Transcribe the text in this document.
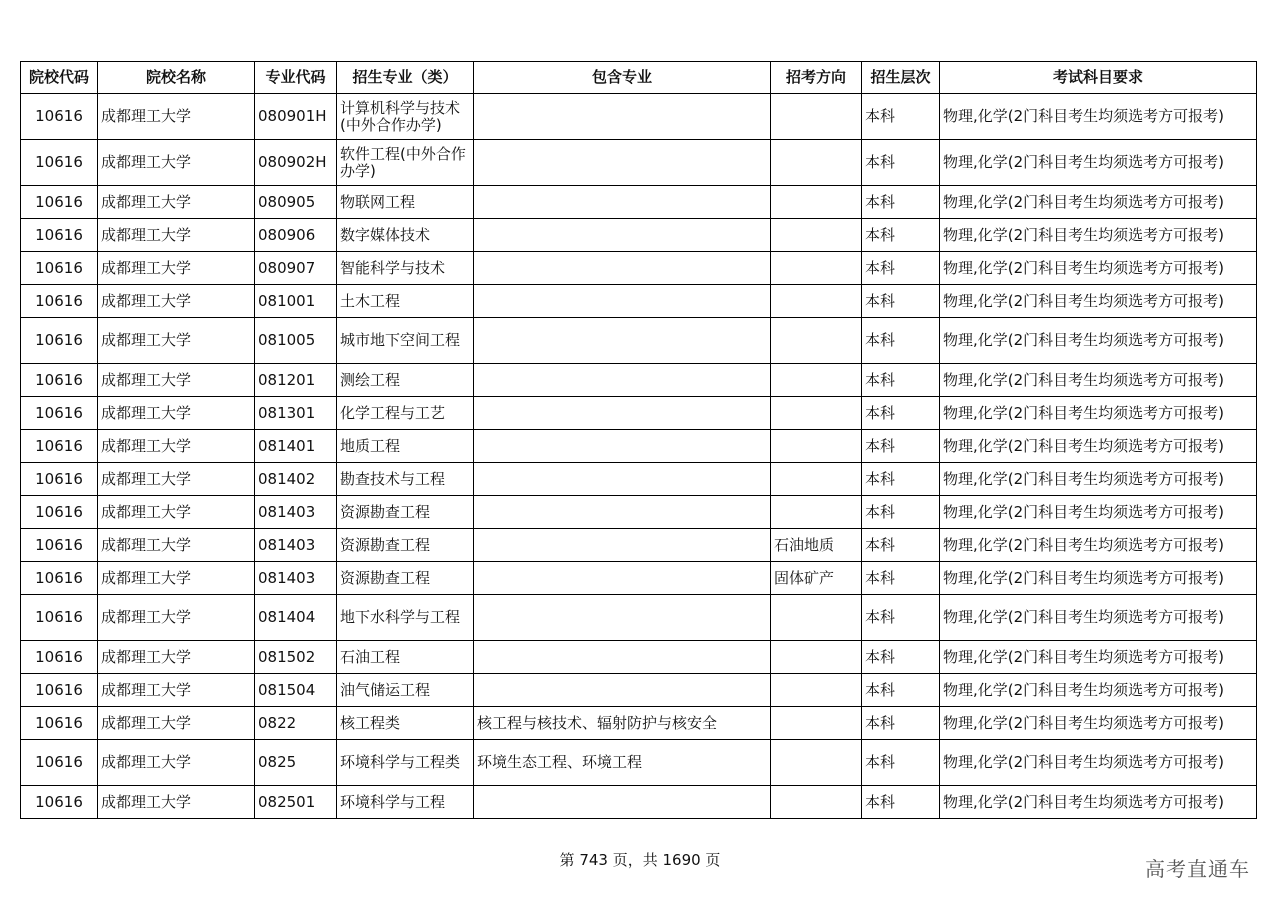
院校代码	院校名称	专业代码	招生专业（类）	包含专业	招考方向	招生层次	考试科目要求
10616	成都理工大学	080901H	计算机科学与技术(中外合作办学)			本科	物理,化学(2门科目考生均须选考方可报考)
10616	成都理工大学	080902H	软件工程(中外合作办学)			本科	物理,化学(2门科目考生均须选考方可报考)
10616	成都理工大学	080905	物联网工程			本科	物理,化学(2门科目考生均须选考方可报考)
10616	成都理工大学	080906	数字媒体技术			本科	物理,化学(2门科目考生均须选考方可报考)
10616	成都理工大学	080907	智能科学与技术			本科	物理,化学(2门科目考生均须选考方可报考)
10616	成都理工大学	081001	土木工程			本科	物理,化学(2门科目考生均须选考方可报考)
10616	成都理工大学	081005	城市地下空间工程			本科	物理,化学(2门科目考生均须选考方可报考)
10616	成都理工大学	081201	测绘工程			本科	物理,化学(2门科目考生均须选考方可报考)
10616	成都理工大学	081301	化学工程与工艺			本科	物理,化学(2门科目考生均须选考方可报考)
10616	成都理工大学	081401	地质工程			本科	物理,化学(2门科目考生均须选考方可报考)
10616	成都理工大学	081402	勘查技术与工程			本科	物理,化学(2门科目考生均须选考方可报考)
10616	成都理工大学	081403	资源勘查工程			本科	物理,化学(2门科目考生均须选考方可报考)
10616	成都理工大学	081403	资源勘查工程		石油地质	本科	物理,化学(2门科目考生均须选考方可报考)
10616	成都理工大学	081403	资源勘查工程		固体矿产	本科	物理,化学(2门科目考生均须选考方可报考)
10616	成都理工大学	081404	地下水科学与工程			本科	物理,化学(2门科目考生均须选考方可报考)
10616	成都理工大学	081502	石油工程			本科	物理,化学(2门科目考生均须选考方可报考)
10616	成都理工大学	081504	油气储运工程			本科	物理,化学(2门科目考生均须选考方可报考)
10616	成都理工大学	0822	核工程类	核工程与核技术、辐射防护与核安全		本科	物理,化学(2门科目考生均须选考方可报考)
10616	成都理工大学	0825	环境科学与工程类	环境生态工程、环境工程		本科	物理,化学(2门科目考生均须选考方可报考)
10616	成都理工大学	082501	环境科学与工程			本科	物理,化学(2门科目考生均须选考方可报考)
第 743 页，共 1690 页	高考直通车
